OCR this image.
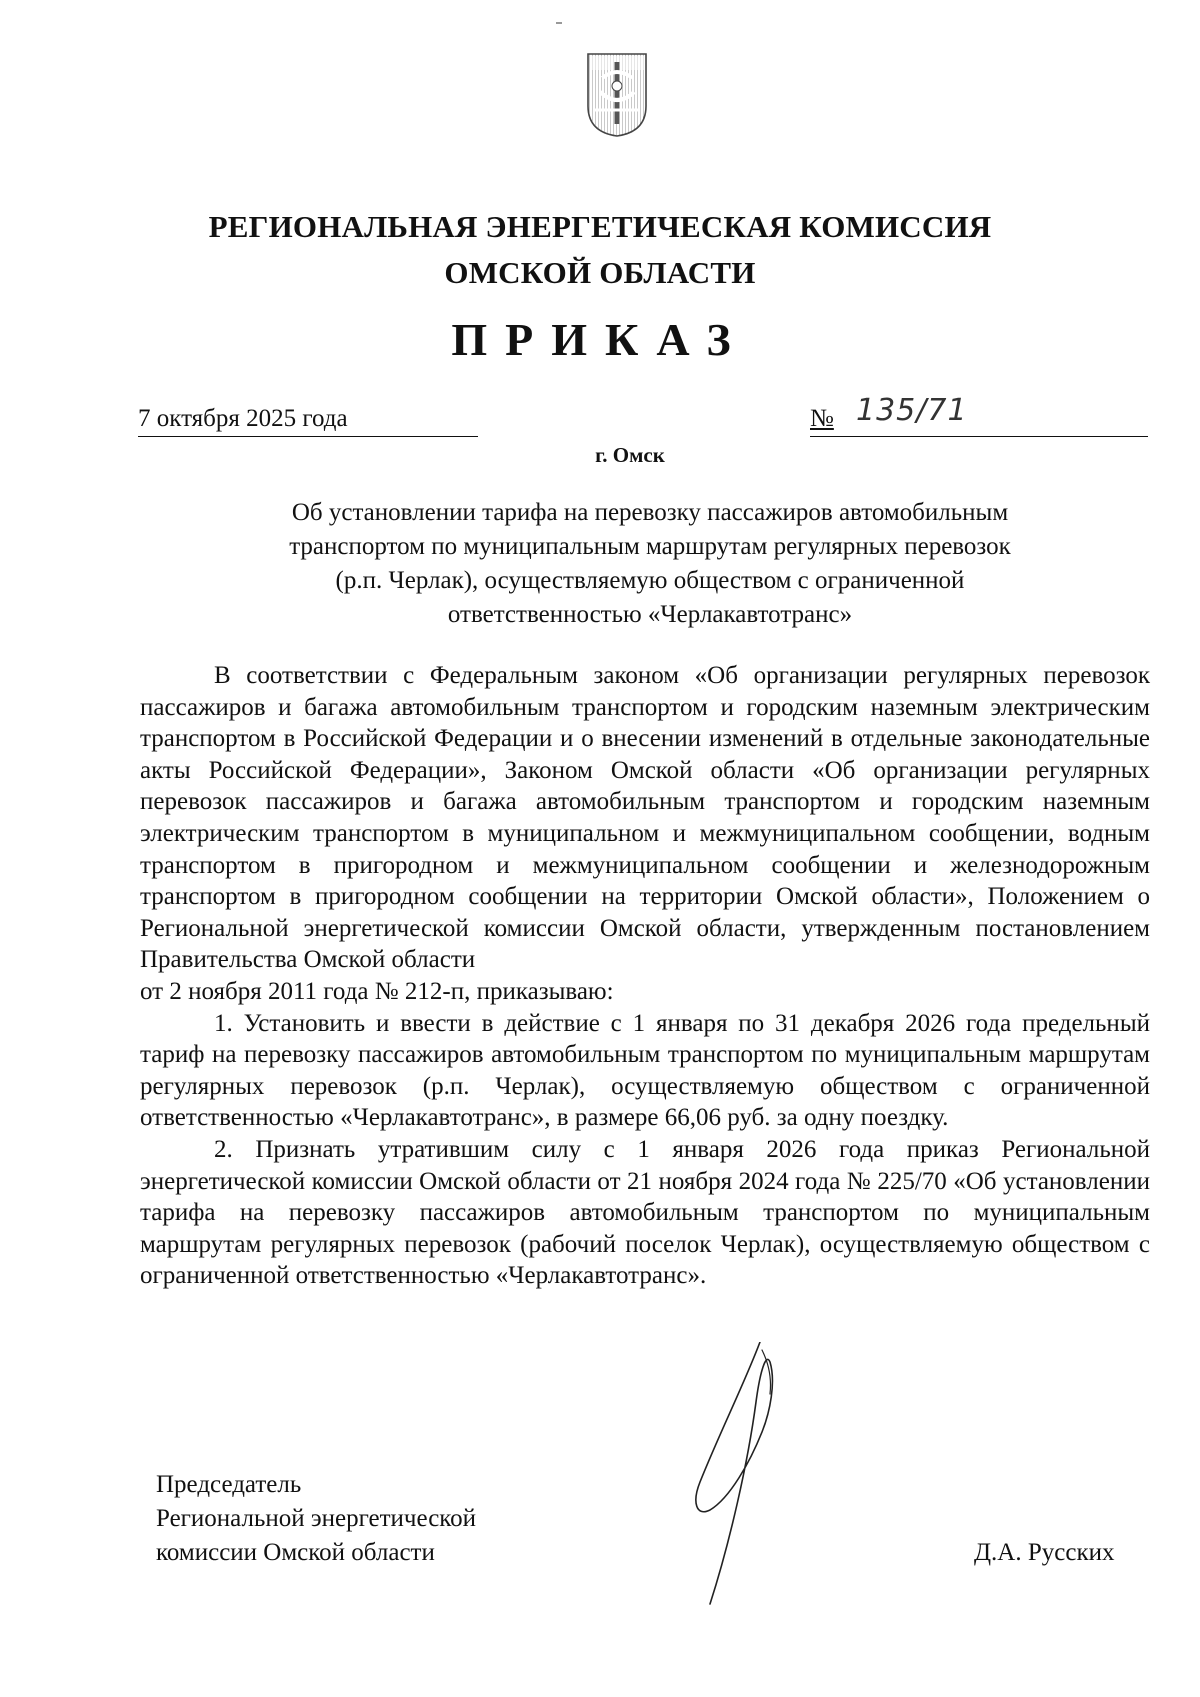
РЕГИОНАЛЬНАЯ ЭНЕРГЕТИЧЕСКАЯ КОМИССИЯ
ОМСКОЙ ОБЛАСТИ
ПРИКАЗ
7 октября 2025 года	№ 135/71
г. Омск
Об установлении тарифа на перевозку пассажиров автомобильным
транспортом по муниципальным маршрутам регулярных перевозок
(р.п. Черлак), осуществляемую обществом с ограниченной
ответственностью «Черлакавтотранс»

В соответствии с Федеральным законом «Об организации регулярных перевозок пассажиров и багажа автомобильным транспортом и городским наземным электрическим транспортом в Российской Федерации и о внесении изменений в отдельные законодательные акты Российской Федерации», Законом Омской области «Об организации регулярных перевозок пассажиров и багажа автомобильным транспортом и городским наземным электрическим транспортом в муниципальном и межмуниципальном сообщении, водным транспортом в пригородном и межмуниципальном сообщении и железнодорожным транспортом в пригородном сообщении на территории Омской области», Положением о Региональной энергетической комиссии Омской области, утвержденным постановлением Правительства Омской области

от 2 ноября 2011 года № 212-п, приказываю:

1. Установить и ввести в действие с 1 января по 31 декабря 2026 года предельный тариф на перевозку пассажиров автомобильным транспортом по муниципальным маршрутам регулярных перевозок (р.п. Черлак), осуществляемую обществом с ограниченной ответственностью «Черлакавтотранс», в размере 66,06 руб. за одну поездку.

2. Признать утратившим силу с 1 января 2026 года приказ Региональной энергетической комиссии Омской области от 21 ноября 2024 года № 225/70 «Об установлении тарифа на перевозку пассажиров автомобильным транспортом по муниципальным маршрутам регулярных перевозок (рабочий поселок Черлак), осуществляемую обществом с ограниченной ответственностью «Черлакавтотранс».

Председатель
Региональной энергетической
комиссии Омской области	Д.А. Русских
